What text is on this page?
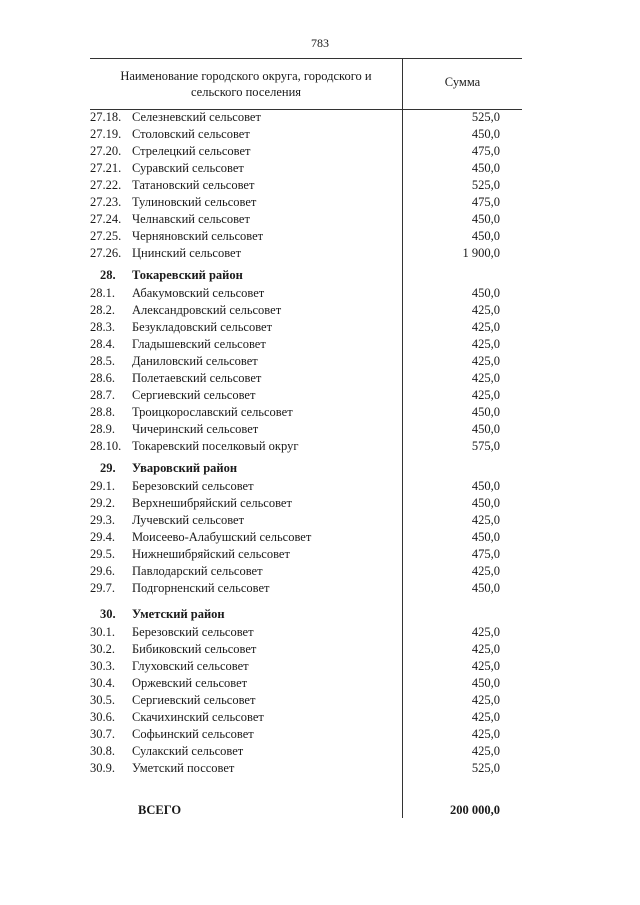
783
Наименование городского округа, городского и
сельского поселения
Сумма
27.18. Селезневский сельсовет	525,0
27.19. Столовский сельсовет	450,0
27.20. Стрелецкий сельсовет	475,0
27.21. Суравский сельсовет	450,0
27.22. Татановский сельсовет	525,0
27.23. Тулиновский сельсовет	475,0
27.24. Челнавский сельсовет	450,0
27.25. Черняновский сельсовет	450,0
27.26. Цнинский сельсовет	1 900,0
28.	Токаревский район
28.1.	Абакумовский сельсовет	450,0
28.2.	Александровский сельсовет	425,0
28.3.	Безукладовский сельсовет	425,0
28.4.	Гладышевский сельсовет	425,0
28.5.	Даниловский сельсовет	425,0
28.6.	Полетаевский сельсовет	425,0
28.7.	Сергиевский сельсовет	425,0
28.8.	Троицкорославский сельсовет	450,0
28.9.	Чичеринский сельсовет	450,0
28.10. Токаревский поселковый округ	575,0
29.	Уваровский район
29.1.	Березовский сельсовет	450,0
29.2.	Верхнешибряйский сельсовет	450,0
29.3.	Лучевский сельсовет	425,0
29.4.	Моисеево-Алабушский сельсовет	450,0
29.5.	Нижнешибряйский сельсовет	475,0
29.6.	Павлодарский сельсовет	425,0
29.7.	Подгорненский сельсовет	450,0
30.	Уметский район
30.1.	Березовский сельсовет	425,0
30.2.	Бибиковский сельсовет	425,0
30.3.	Глуховский сельсовет	425,0
30.4.	Оржевский сельсовет	450,0
30.5.	Сергиевский сельсовет	425,0
30.6.	Скачихинский сельсовет	425,0
30.7.	Софьинский сельсовет	425,0
30.8.	Сулакский сельсовет	425,0
30.9.	Уметский поссовет	525,0
ВСЕГО	200 000,0
